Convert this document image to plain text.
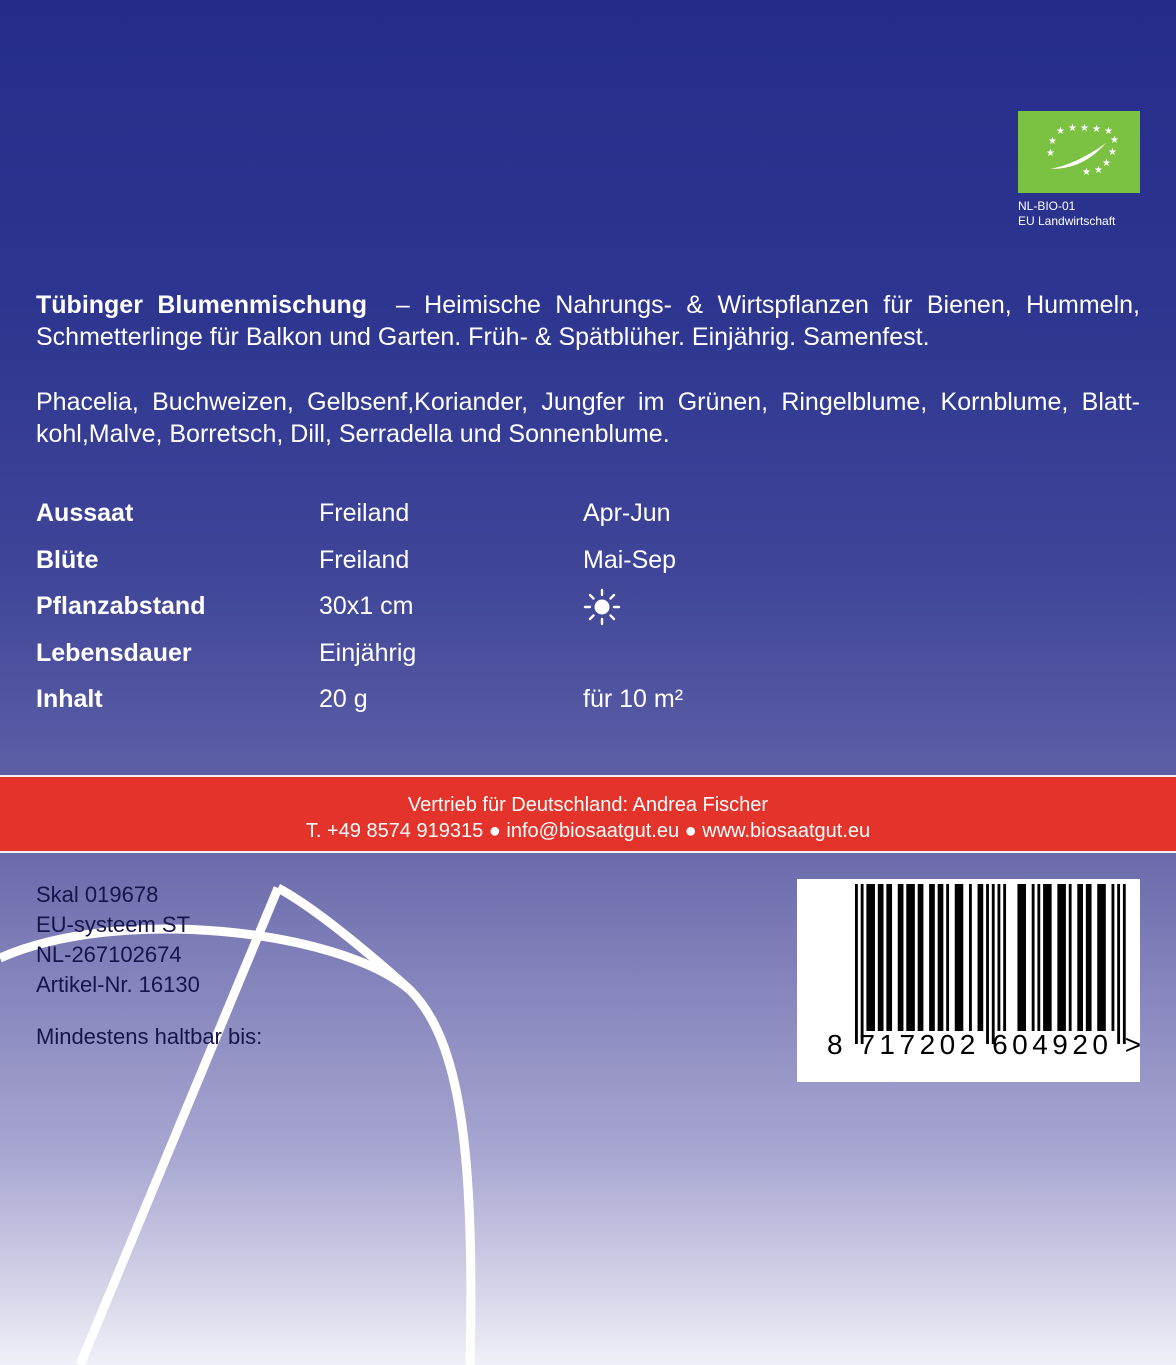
★ ★ ★ ★ ★
★	★
★	★
★
★
★
NL-BIO-01
EU Landwirtschaft
Tübinger Blumenmischung – Heimische Nahrungs- & Wirtspflanzen für Bienen, Hummeln, Schmetterlinge für Balkon und Garten. Früh- & Spätblüher. Einjährig. Samenfest.
Phacelia, Buchweizen, Gelbsenf,Koriander, Jungfer im Grünen, Ringelblume, Kornblume, Blatt-kohl,Malve, Borretsch, Dill, Serradella und Sonnenblume.
Aussaat	Freiland	Apr-Jun
Blüte	Freiland	Mai-Sep
Pflanzabstand	30x1 cm
Lebensdauer	Einjährig
Inhalt	20 g	für 10 m²
Vertrieb für Deutschland: Andrea Fischer
T. +49 8574 919315 ● info@biosaatgut.eu ● www.biosaatgut.eu
Skal 019678
EU-systeem ST
NL-267102674
Artikel-Nr. 16130
Mindestens haltbar bis:	8 717202 604920 >
